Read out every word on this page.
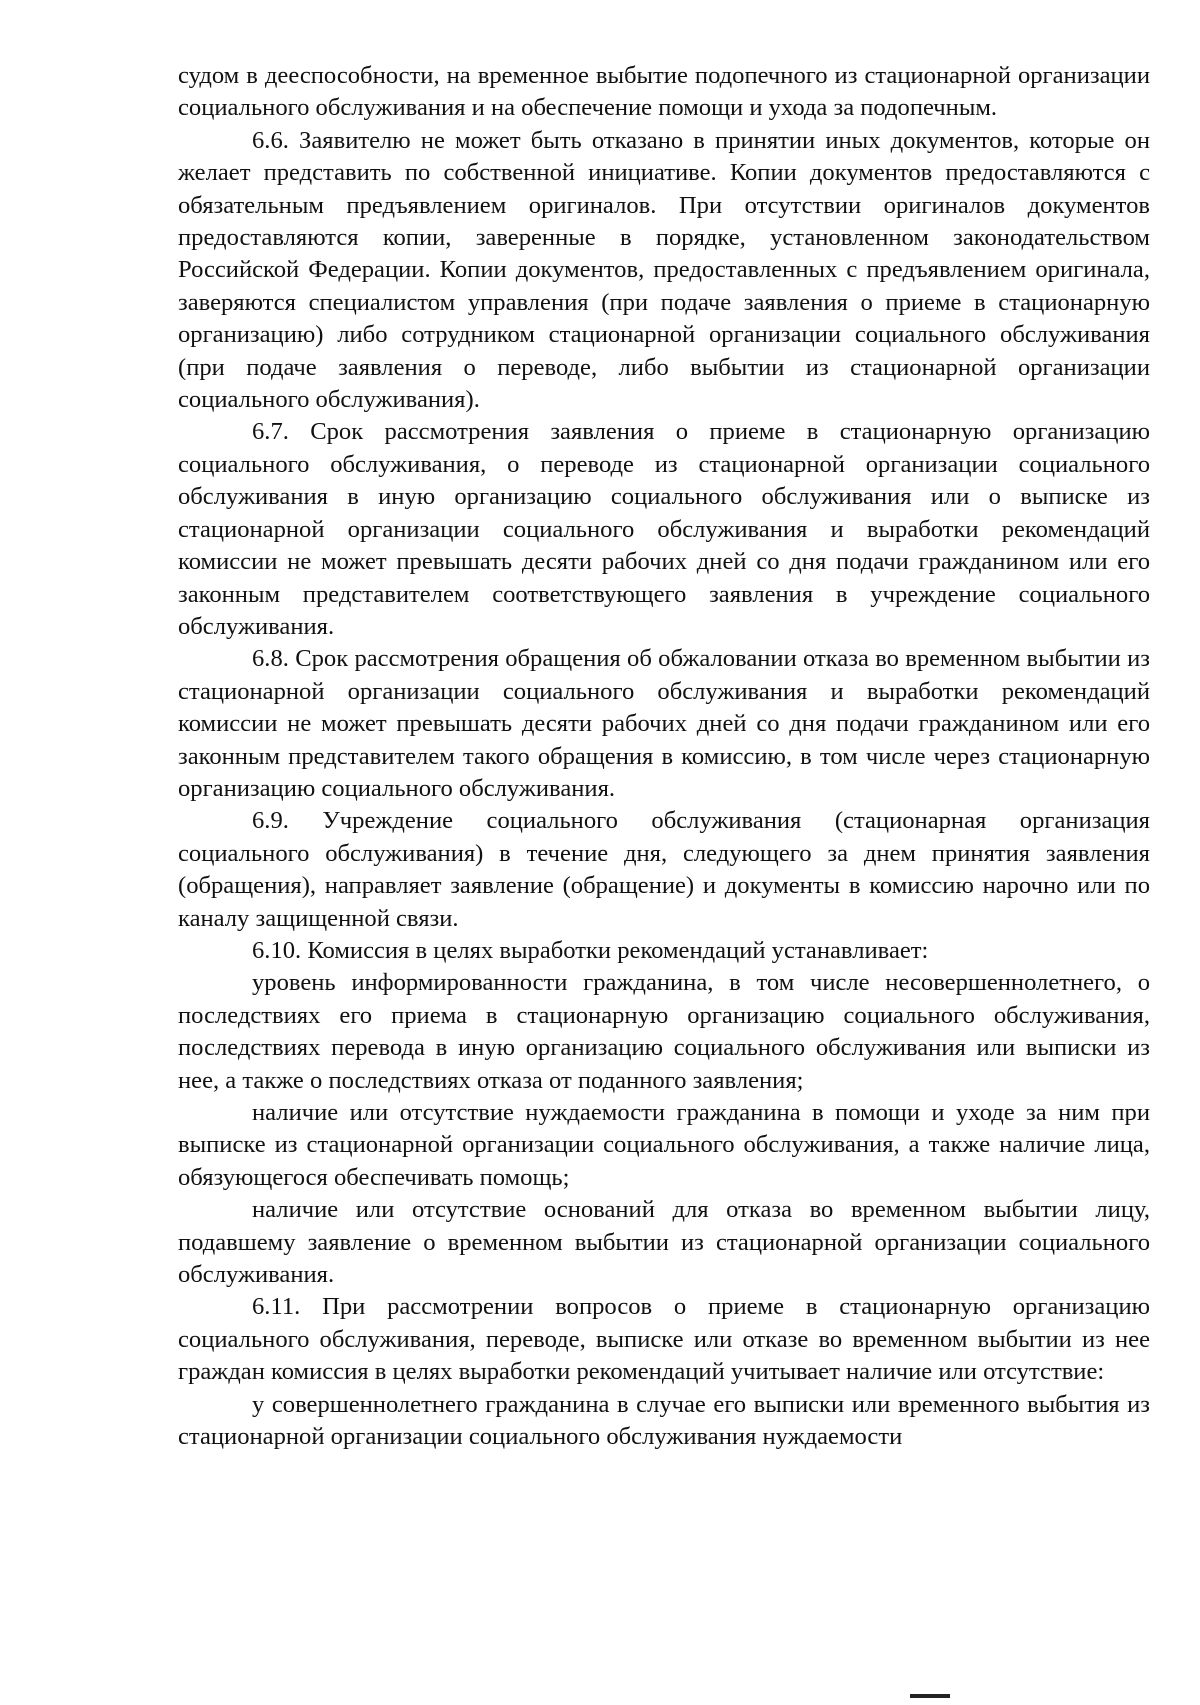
судом в дееспособности, на временное выбытие подопечного из стационарной организации социального обслуживания и на обеспечение помощи и ухода за подопечным.

6.6. Заявителю не может быть отказано в принятии иных документов, которые он желает представить по собственной инициативе. Копии документов предоставляются с обязательным предъявлением оригиналов. При отсутствии оригиналов документов предоставляются копии, заверенные в порядке, установленном законодательством Российской Федерации. Копии документов, предоставленных с предъявлением оригинала, заверяются специалистом управления (при подаче заявления о приеме в стационарную организацию) либо сотрудником стационарной организации социального обслуживания (при подаче заявления о переводе, либо выбытии из стационарной организации социального обслуживания).

6.7. Срок рассмотрения заявления о приеме в стационарную организацию социального обслуживания, о переводе из стационарной организации социального обслуживания в иную организацию социального обслуживания или о выписке из стационарной организации социального обслуживания и выработки рекомендаций комиссии не может превышать десяти рабочих дней со дня подачи гражданином или его законным представителем соответствующего заявления в учреждение социального обслуживания.

6.8. Срок рассмотрения обращения об обжаловании отказа во временном выбытии из стационарной организации социального обслуживания и выработки рекомендаций комиссии не может превышать десяти рабочих дней со дня подачи гражданином или его законным представителем такого обращения в комиссию, в том числе через стационарную организацию социального обслуживания.

6.9. Учреждение социального обслуживания (стационарная организация социального обслуживания) в течение дня, следующего за днем принятия заявления (обращения), направляет заявление (обращение) и документы в комиссию нарочно или по каналу защищенной связи.

6.10. Комиссия в целях выработки рекомендаций устанавливает:

уровень информированности гражданина, в том числе несовершеннолетнего, о последствиях его приема в стационарную организацию социального обслуживания, последствиях перевода в иную организацию социального обслуживания или выписки из нее, а также о последствиях отказа от поданного заявления;

наличие или отсутствие нуждаемости гражданина в помощи и уходе за ним при выписке из стационарной организации социального обслуживания, а также наличие лица, обязующегося обеспечивать помощь;

наличие или отсутствие оснований для отказа во временном выбытии лицу, подавшему заявление о временном выбытии из стационарной организации социального обслуживания.

6.11. При рассмотрении вопросов о приеме в стационарную организацию социального обслуживания, переводе, выписке или отказе во временном выбытии из нее граждан комиссия в целях выработки рекомендаций учитывает наличие или отсутствие:

у совершеннолетнего гражданина в случае его выписки или временного выбытия из стационарной организации социального обслуживания нуждаемости
